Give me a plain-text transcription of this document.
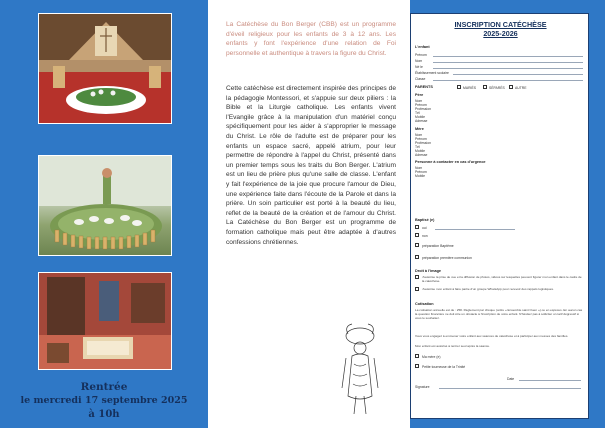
Rentrée
le mercredi 17 septembre 2025
à 10h

La Catéchèse du Bon Berger (CBB) est un programme d'éveil religieux pour les enfants de 3 à 12 ans. Les enfants y font l'expérience d'une relation de Foi personnelle et authentique à travers la figure du Christ.

Cette catéchèse est directement inspirée des principes de la pédagogie Montessori, et s'appuie sur deux piliers : la Bible et la Liturgie catholique. Les enfants vivent l'Evangile grâce à la manipulation d'un matériel conçu spécifiquement pour les aider à s'approprier le message du Christ. Le rôle de l'adulte est de préparer pour les enfants un espace sacré, appelé atrium, pour leur permettre de répondre à l'appel du Christ, présenté dans un premier temps sous les traits du Bon Berger. L'atrium est un lieu de prière plus qu'une salle de classe. L'enfant y fait l'expérience de la joie que procure l'amour de Dieu, une expérience faite dans l'écoute de la Parole et dans la prière. Un soin particulier est porté à la beauté du lieu, reflet de la beauté de la création et de l'amour du Christ. La Catéchèse du Bon Berger est un programme de formation catholique mais peut être adaptée à d'autres confessions chrétiennes.

INSCRIPTION CATÉCHÈSE
2025-2026
L'enfant
Prénom
Nom
Né le
Établissement scolaire
Classe
PARENTS	MARIÉS	SÉPARÉS	AUTRE
Père
Nom
Prénom
Profession
Tél
Mobile
Adresse
Mère
Nom
Prénom
Profession
Tél
Mobile
Adresse
Personne à contacter en cas d'urgence
Nom
Prénom
Mobile
Baptisé (e)
oui
non
préparation Baptême
préparation première communion
Droit à l'image
J'autorise la prise de vue et la diffusion de photos, vidéos sur lesquelles peuvent figurer mon enfant dans le cadre de la catéchèse.
J'autorise mon enfant à faire partie d'un groupe WhatsApp pour recevoir des rappels logistiques.
Cotisation
La cotisation annuelle est de : 25€. Règlement par chèque (ordre « Ensemble saint Ouen ») ou en espèces. En aucun cas la question financière ne doit être un obstacle à l'inscription de votre enfant. N'hésitez pas à solliciter un tarif dégressif si vous le souhaitez.
Vous vous engagez à emmener votre enfant aux séances de catéchèse et à participer aux messes des familles.
Mon enfant est autorisé à rentrer seul après la séance.
Ma mère (e)
Petite tourneuse de la Trinité
Date
Signature
